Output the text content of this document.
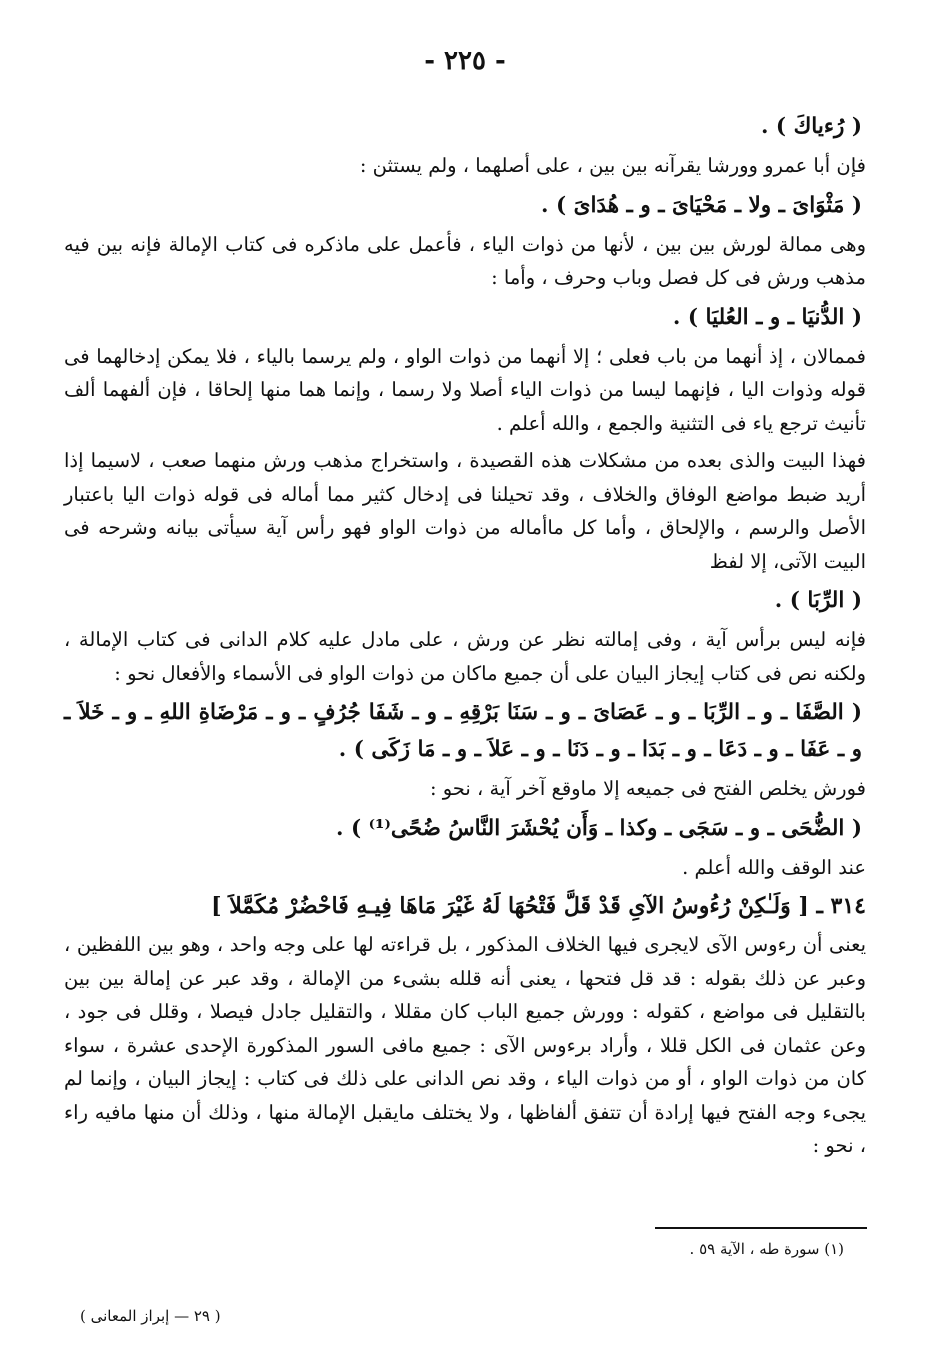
- ٢٢٥ -

( رُءياكَ ) .

فإن أبا عمرو وورشا يقرآنه بين بين ، على أصلهما ، ولم يستثن :

( مَثْوَاىَ ـ ولا ـ مَحْيَاىَ ـ و ـ هُدَاىَ ) .

وهى ممالة لورش بين بين ، لأنها من ذوات الياء ، فأعمل على ماذكره فى كتاب الإمالة فإنه بين فيه مذهب ورش فى كل فصل وباب وحرف ، وأما :

( الدُّنيَا ـ و ـ العُليَا ) .

فممالان ، إذ أنهما من باب فعلى ؛ إلا أنهما من ذوات الواو ، ولم يرسما بالياء ، فلا يمكن إدخالهما فى قوله وذوات اليا ، فإنهما ليسا من ذوات الياء أصلا ولا رسما ، وإنما هما منها إلحاقا ، فإن ألفهما ألف تأنيث ترجع ياء فى التثنية والجمع ، والله أعلم .

فهذا البيت والذى بعده من مشكلات هذه القصيدة ، واستخراج مذهب ورش منهما صعب ، لاسيما إذا أريد ضبط مواضع الوفاق والخلاف ، وقد تحيلنا فى إدخال كثير مما أماله فى قوله ذوات اليا باعتبار الأصل والرسم ، والإلحاق ، وأما كل ماأماله من ذوات الواو فهو رأس آية سيأتى بيانه وشرحه فى البيت الآتى، إلا لفظ

( الرِّبَا ) .

فإنه ليس برأس آية ، وفى إمالته نظر عن ورش ، على مادل عليه كلام الدانى فى كتاب الإمالة ، ولكنه نص فى كتاب إيجاز البيان على أن جميع ماكان من ذوات الواو فى الأسماء والأفعال نحو :

( الصَّفَا ـ و ـ الرِّبَا ـ و ـ عَصَاىَ ـ و ـ سَنَا بَرْقِهِ ـ و ـ شَفَا جُرُفٍ ـ و ـ مَرْضَاةِ اللهِ ـ و ـ خَلاَ ـ و ـ عَفَا ـ و ـ دَعَا ـ و ـ بَدَا ـ و ـ دَنَا ـ و ـ عَلاَ ـ و ـ مَا زَكَى ) .

فورش يخلص الفتح فى جميعه إلا ماوقع آخر آية ، نحو :

( الضُّحَى ـ و ـ سَجَى ـ وكذا ـ وَأَن يُحْشَرَ النَّاسُ ضُحًى⁽¹⁾ ) .

عند الوقف والله أعلم .

٣١٤ ـ [ وَلَـٰكِنْ رُءُوسُ الآىِ قَدْ قَلَّ فَتْحُهَا لَهُ غَيْرَ مَاهَا فِيـهِ فَاحْضُرْ مُكَمَّلاَ ]

يعنى أن رءوس الآى لايجرى فيها الخلاف المذكور ، بل قراءته لها على وجه واحد ، وهو بين اللفظين ، وعبر عن ذلك بقوله : قد قل فتحها ، يعنى أنه قلله بشىء من الإمالة ، وقد عبر عن إمالة بين بين بالتقليل فى مواضع ، كقوله : وورش جميع الباب كان مقللا ، والتقليل جادل فيصلا ، وقلل فى جود ، وعن عثمان فى الكل قللا ، وأراد برءوس الآى : جميع مافى السور المذكورة الإحدى عشرة ، سواء كان من ذوات الواو ، أو من ذوات الياء ، وقد نص الدانى على ذلك فى كتاب : إيجاز البيان ، وإنما لم يجىء وجه الفتح فيها إرادة أن تتفق ألفاظها ، ولا يختلف مايقبل الإمالة منها ، وذلك أن منها مافيه راء ، نحو :

(١) سورة طه ، الآية ٥٩ .
( ٢٩ — إبراز المعانى )
